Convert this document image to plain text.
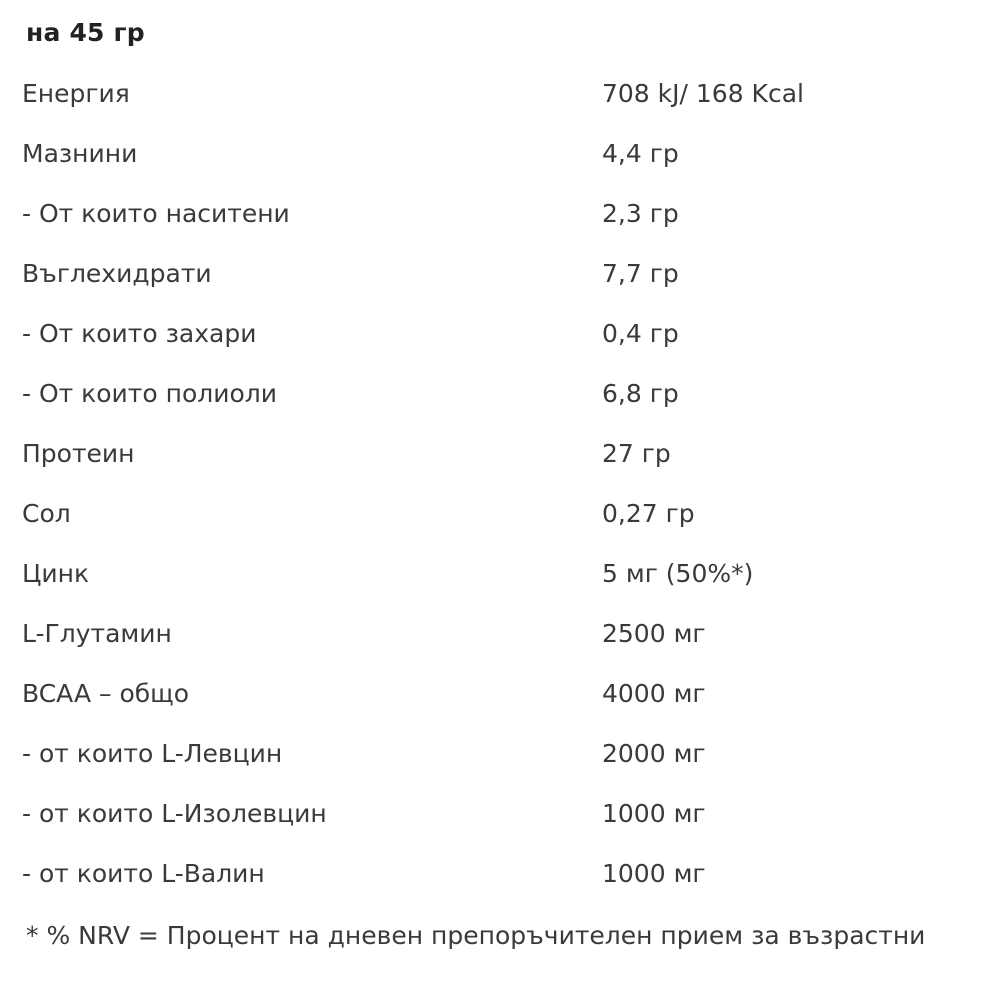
на 45 гр
Енергия	708 kJ/ 168 Kcal
Мазнини	4,4 гр
- От които наситени	2,3 гр
Въглехидрати	7,7 гр
- От които захари	0,4 гр
- От които полиоли	6,8 гр
Протеин	27 гр
Сол	0,27 гр
Цинк	5 мг (50%*)
L-Глутамин	2500 мг
BCAA – общо	4000 мг
- от които L-Левцин	2000 мг
- от които L-Изолевцин	1000 мг
- от които L-Валин	1000 мг
* % NRV = Процент на дневен препоръчителен прием за възрастни
